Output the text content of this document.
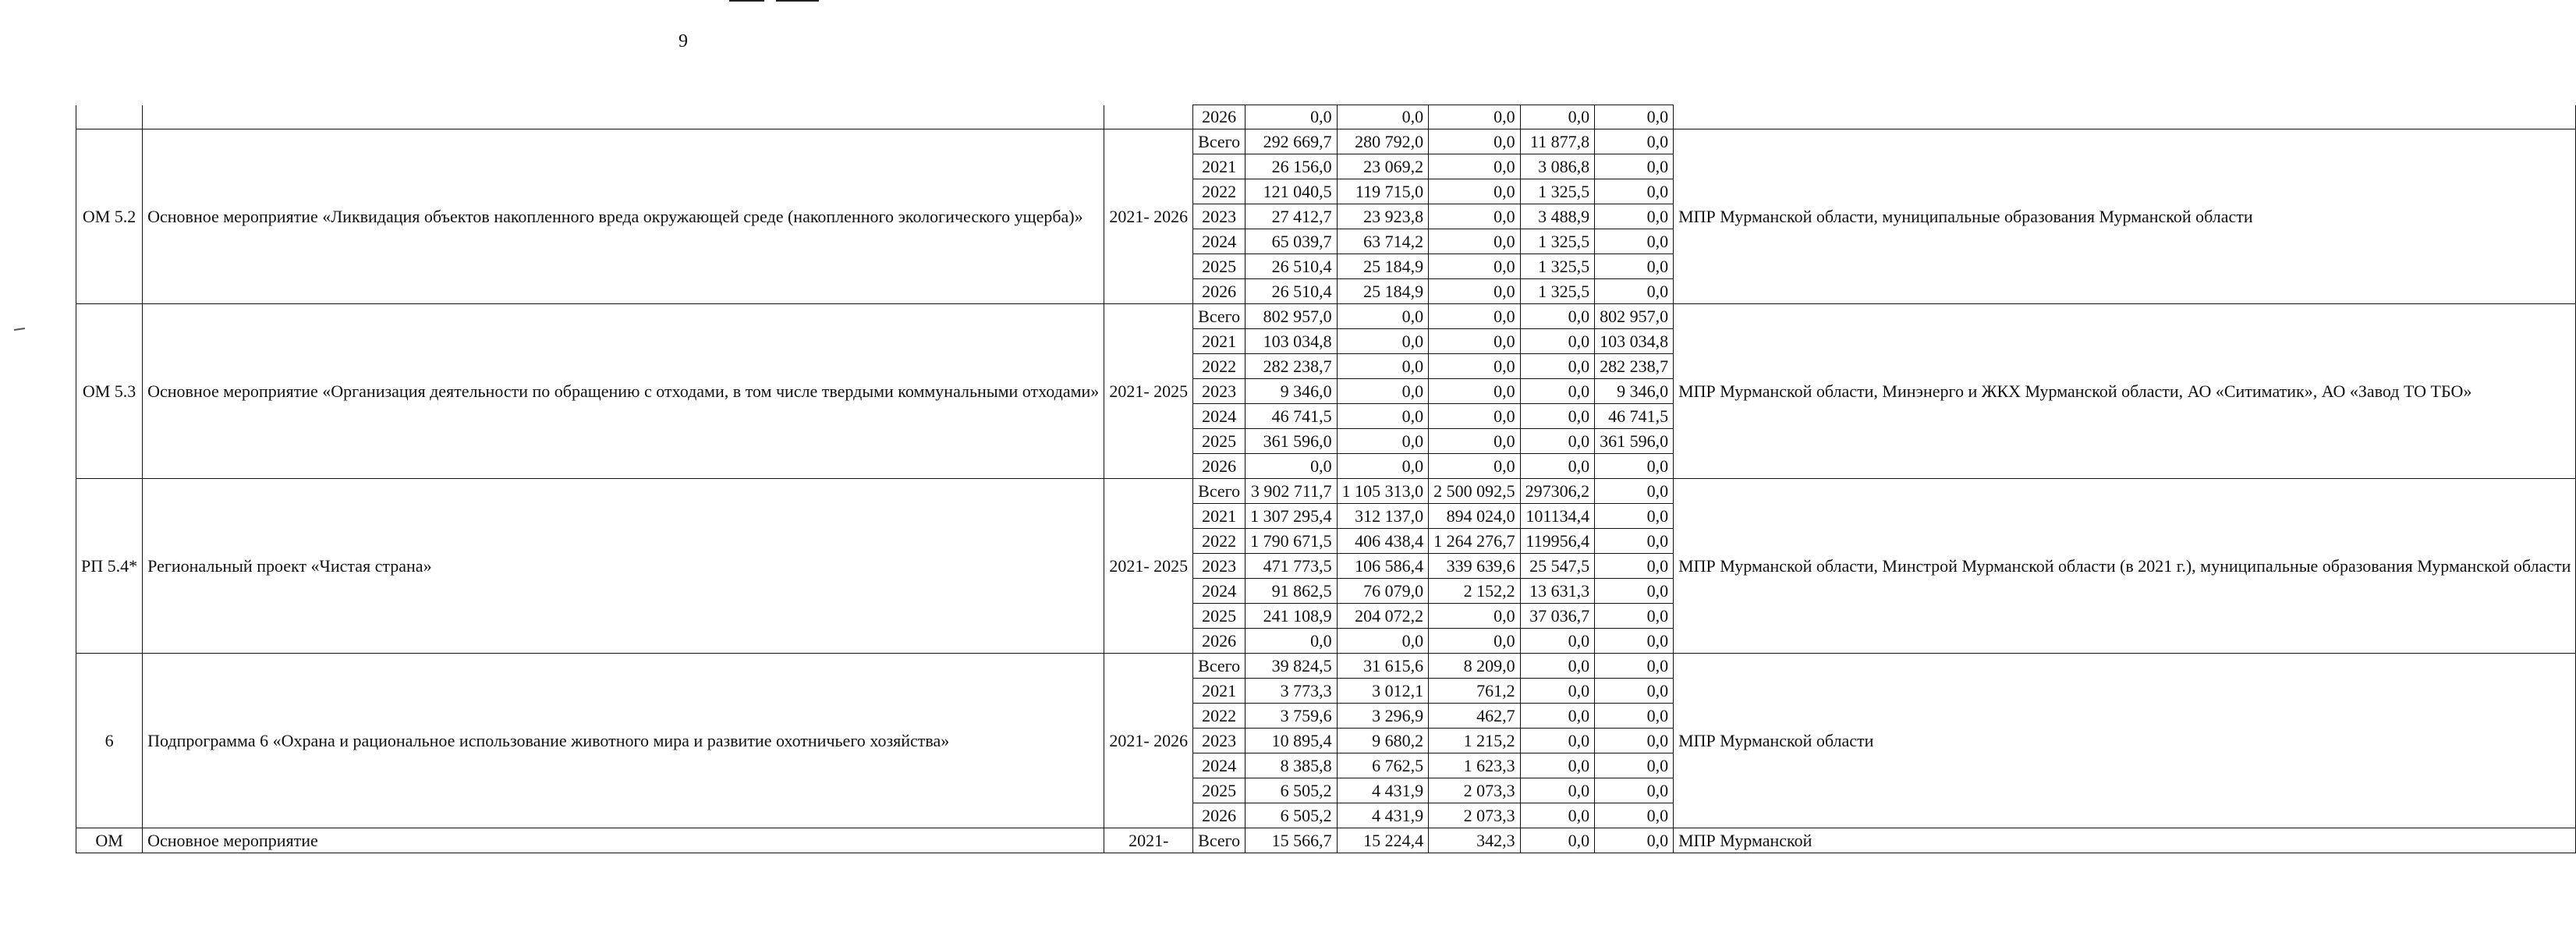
9
			2026	0,0	0,0	0,0	0,0	0,0	
ОМ 5.2	Основное мероприятие «Ликвидация объектов накопленного вреда окружающей среде (накопленного экологического ущерба)»	2021- 2026	Всего	292 669,7	280 792,0	0,0	11 877,8	0,0	МПР Мурманской области, муниципальные образования Мурманской области
			2021	26 156,0	23 069,2	0,0	3 086,8	0,0	
			2022	121 040,5	119 715,0	0,0	1 325,5	0,0	
			2023	27 412,7	23 923,8	0,0	3 488,9	0,0	
			2024	65 039,7	63 714,2	0,0	1 325,5	0,0	
			2025	26 510,4	25 184,9	0,0	1 325,5	0,0	
			2026	26 510,4	25 184,9	0,0	1 325,5	0,0	
ОМ 5.3	Основное мероприятие «Организация деятельности по обращению с отходами, в том числе твердыми коммунальными отходами»	2021- 2025	Всего	802 957,0	0,0	0,0	0,0	802 957,0	МПР Мурманской области, Минэнерго и ЖКХ Мурманской области, АО «Ситиматик», АО «Завод ТО ТБО»
			2021	103 034,8	0,0	0,0	0,0	103 034,8	
			2022	282 238,7	0,0	0,0	0,0	282 238,7	
			2023	9 346,0	0,0	0,0	0,0	9 346,0	
			2024	46 741,5	0,0	0,0	0,0	46 741,5	
			2025	361 596,0	0,0	0,0	0,0	361 596,0	
			2026	0,0	0,0	0,0	0,0	0,0	
РП 5.4*	Региональный проект «Чистая страна»	2021- 2025	Всего	3 902 711,7	1 105 313,0	2 500 092,5	297306,2	0,0	МПР Мурманской области, Минстрой Мурманской области (в 2021 г.), муниципальные образования Мурманской области
			2021	1 307 295,4	312 137,0	894 024,0	101134,4	0,0	
			2022	1 790 671,5	406 438,4	1 264 276,7	119956,4	0,0	
			2023	471 773,5	106 586,4	339 639,6	25 547,5	0,0	
			2024	91 862,5	76 079,0	2 152,2	13 631,3	0,0	
			2025	241 108,9	204 072,2	0,0	37 036,7	0,0	
			2026	0,0	0,0	0,0	0,0	0,0	
6	Подпрограмма 6 «Охрана и рациональное использование животного мира и развитие охотничьего хозяйства»	2021- 2026	Всего	39 824,5	31 615,6	8 209,0	0,0	0,0	МПР Мурманской области
			2021	3 773,3	3 012,1	761,2	0,0	0,0	
			2022	3 759,6	3 296,9	462,7	0,0	0,0	
			2023	10 895,4	9 680,2	1 215,2	0,0	0,0	
			2024	8 385,8	6 762,5	1 623,3	0,0	0,0	
			2025	6 505,2	4 431,9	2 073,3	0,0	0,0	
			2026	6 505,2	4 431,9	2 073,3	0,0	0,0	
ОМ	Основное мероприятие	2021-	Всего	15 566,7	15 224,4	342,3	0,0	0,0	МПР Мурманской
